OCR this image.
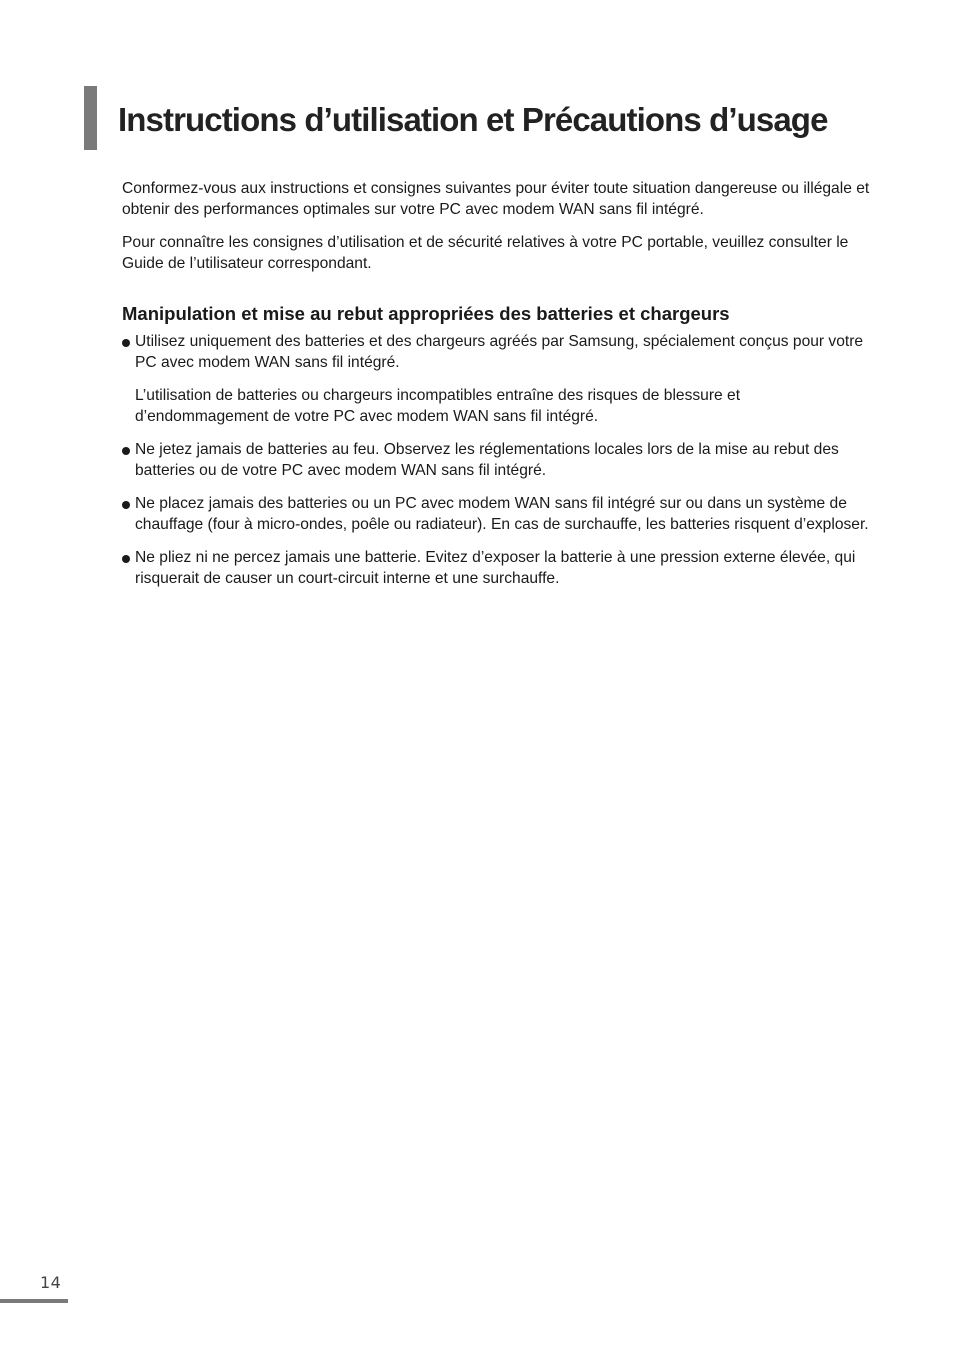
Instructions d’utilisation et Précautions d’usage

Conformez-vous aux instructions et consignes suivantes pour éviter toute situation dangereuse ou illégale et obtenir des performances optimales sur votre PC avec modem WAN sans fil intégré.

Pour connaître les consignes d’utilisation et de sécurité relatives à votre PC portable, veuillez consulter le Guide de l’utilisateur correspondant.

Manipulation et mise au rebut appropriées des batteries et chargeurs

Utilisez uniquement des batteries et des chargeurs agréés par Samsung, spécialement conçus pour votre PC avec modem WAN sans fil intégré.

L’utilisation de batteries ou chargeurs incompatibles entraîne des risques de blessure et d’endommagement de votre PC avec modem WAN sans fil intégré.

Ne jetez jamais de batteries au feu. Observez les réglementations locales lors de la mise au rebut des batteries ou de votre PC avec modem WAN sans fil intégré.

Ne placez jamais des batteries ou un PC avec modem WAN sans fil intégré sur ou dans un système de chauffage (four à micro-ondes, poêle ou radiateur). En cas de surchauffe, les batteries risquent d’exploser.

Ne pliez ni ne percez jamais une batterie. Evitez d’exposer la batterie à une pression externe élevée, qui risquerait de causer un court-circuit interne et une surchauffe.

14
